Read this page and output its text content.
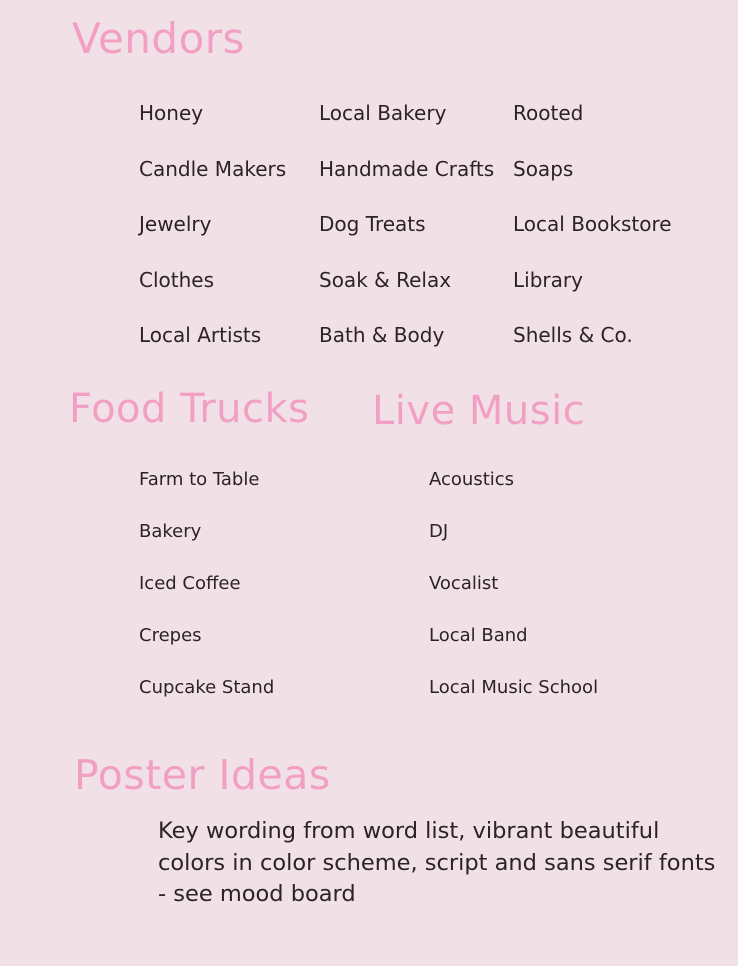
Vendors
Honey
Candle Makers
Jewelry
Clothes
Local Artists
Local Bakery
Handmade Crafts
Dog Treats
Soak & Relax
Bath & Body
Rooted
Soaps
Local Bookstore
Library
Shells & Co.
Food Trucks Live Music
Farm to Table
Bakery
Iced Coffee
Crepes
Cupcake Stand
Acoustics
DJ
Vocalist
Local Band
Local Music School
Poster Ideas

Key wording from word list, vibrant beautiful colors in color scheme, script and sans serif fonts - see mood board
